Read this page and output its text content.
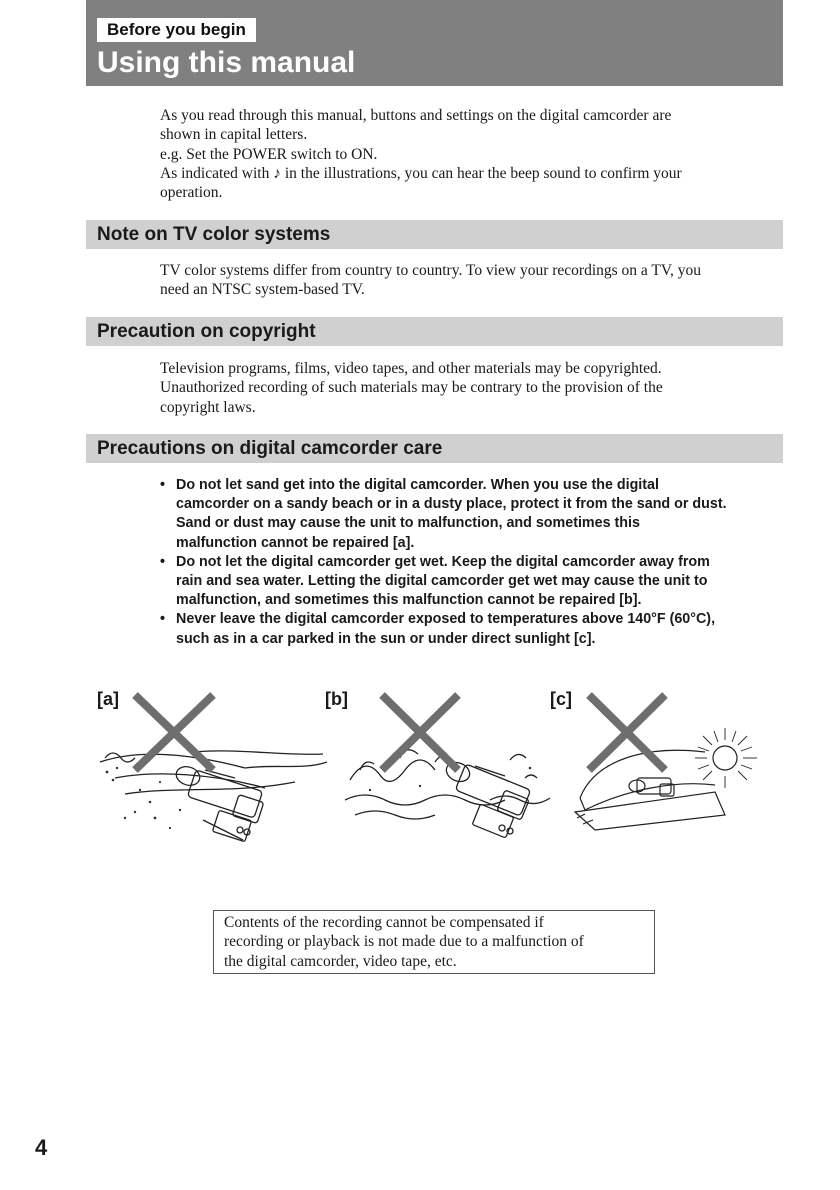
Before you begin
Using this manual

As you read through this manual, buttons and settings on the digital camcorder are
shown in capital letters.
e.g. Set the POWER switch to ON.
As indicated with ♪ in the illustrations, you can hear the beep sound to confirm your
operation.

Note on TV color systems

TV color systems differ from country to country. To view your recordings on a TV, you
need an NTSC system-based TV.

Precaution on copyright

Television programs, films, video tapes, and other materials may be copyrighted.
Unauthorized recording of such materials may be contrary to the provision of the
copyright laws.

Precautions on digital camcorder care
• Do not let sand get into the digital camcorder. When you use the digital
camcorder on a sandy beach or in a dusty place, protect it from the sand or dust.
Sand or dust may cause the unit to malfunction, and sometimes this
malfunction cannot be repaired [a].
• Do not let the digital camcorder get wet. Keep the digital camcorder away from
rain and sea water. Letting the digital camcorder get wet may cause the unit to
malfunction, and sometimes this malfunction cannot be repaired [b].
• Never leave the digital camcorder exposed to temperatures above 140°F (60°C),
such as in a car parked in the sun or under direct sunlight [c].
[a]	[b]	[c]
Contents of the recording cannot be compensated if
recording or playback is not made due to a malfunction of
the digital camcorder, video tape, etc.
4
